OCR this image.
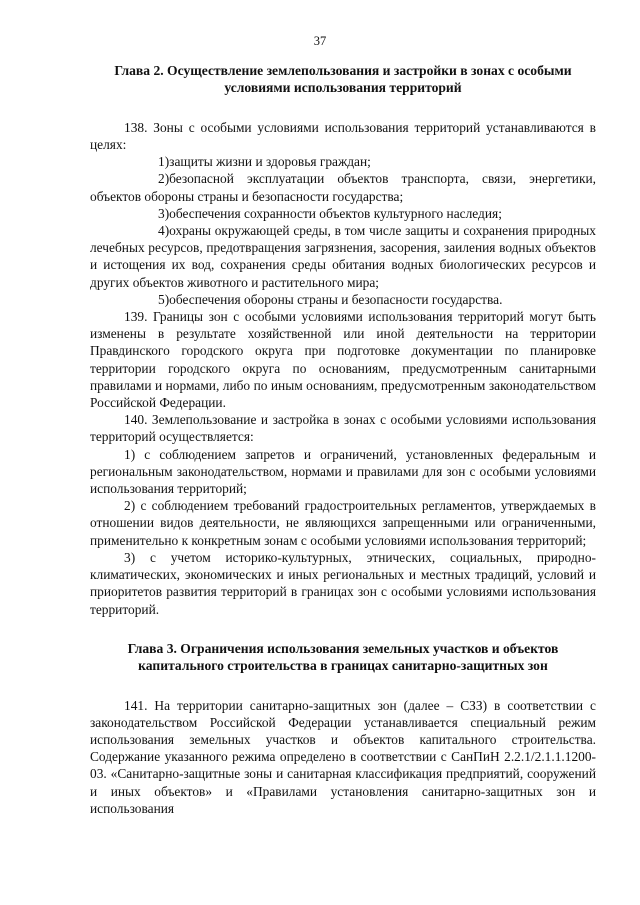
37

Глава 2. Осуществление землепользования и застройки в зонах с особыми условиями использования территорий

138. Зоны с особыми условиями использования территорий устанавливаются в целях:

1)защиты жизни и здоровья граждан;

2)безопасной эксплуатации объектов транспорта, связи, энергетики, объектов обороны страны и безопасности государства;

3)обеспечения сохранности объектов культурного наследия;

4)охраны окружающей среды, в том числе защиты и сохранения природных лечебных ресурсов, предотвращения загрязнения, засорения, заиления водных объектов и истощения их вод, сохранения среды обитания водных биологических ресурсов и других объектов животного и растительного мира;

5)обеспечения обороны страны и безопасности государства.

139. Границы зон с особыми условиями использования территорий могут быть изменены в результате хозяйственной или иной деятельности на территории Правдинского городского округа при подготовке документации по планировке территории городского округа по основаниям, предусмотренным санитарными правилами и нормами, либо по иным основаниям, предусмотренным законодательством Российской Федерации.

140. Землепользование и застройка в зонах с особыми условиями использования территорий осуществляется:

1) с соблюдением запретов и ограничений, установленных федеральным и региональным законодательством, нормами и правилами для зон с особыми условиями использования территорий;

2) с соблюдением требований градостроительных регламентов, утверждаемых в отношении видов деятельности, не являющихся запрещенными или ограниченными, применительно к конкретным зонам с особыми условиями использования территорий;

3) с учетом историко-культурных, этнических, социальных, природно-климатических, экономических и иных региональных и местных традиций, условий и приоритетов развития территорий в границах зон с особыми условиями использования территорий.

Глава 3. Ограничения использования земельных участков и объектов капитального строительства в границах санитарно-защитных зон

141. На территории санитарно-защитных зон (далее – СЗЗ) в соответствии с законодательством Российской Федерации устанавливается специальный режим использования земельных участков и объектов капитального строительства. Содержание указанного режима определено в соответствии с СанПиН 2.2.1/2.1.1.1200-03. «Санитарно-защитные зоны и санитарная классификация предприятий, сооружений и иных объектов» и «Правилами установления санитарно-защитных зон и использования
